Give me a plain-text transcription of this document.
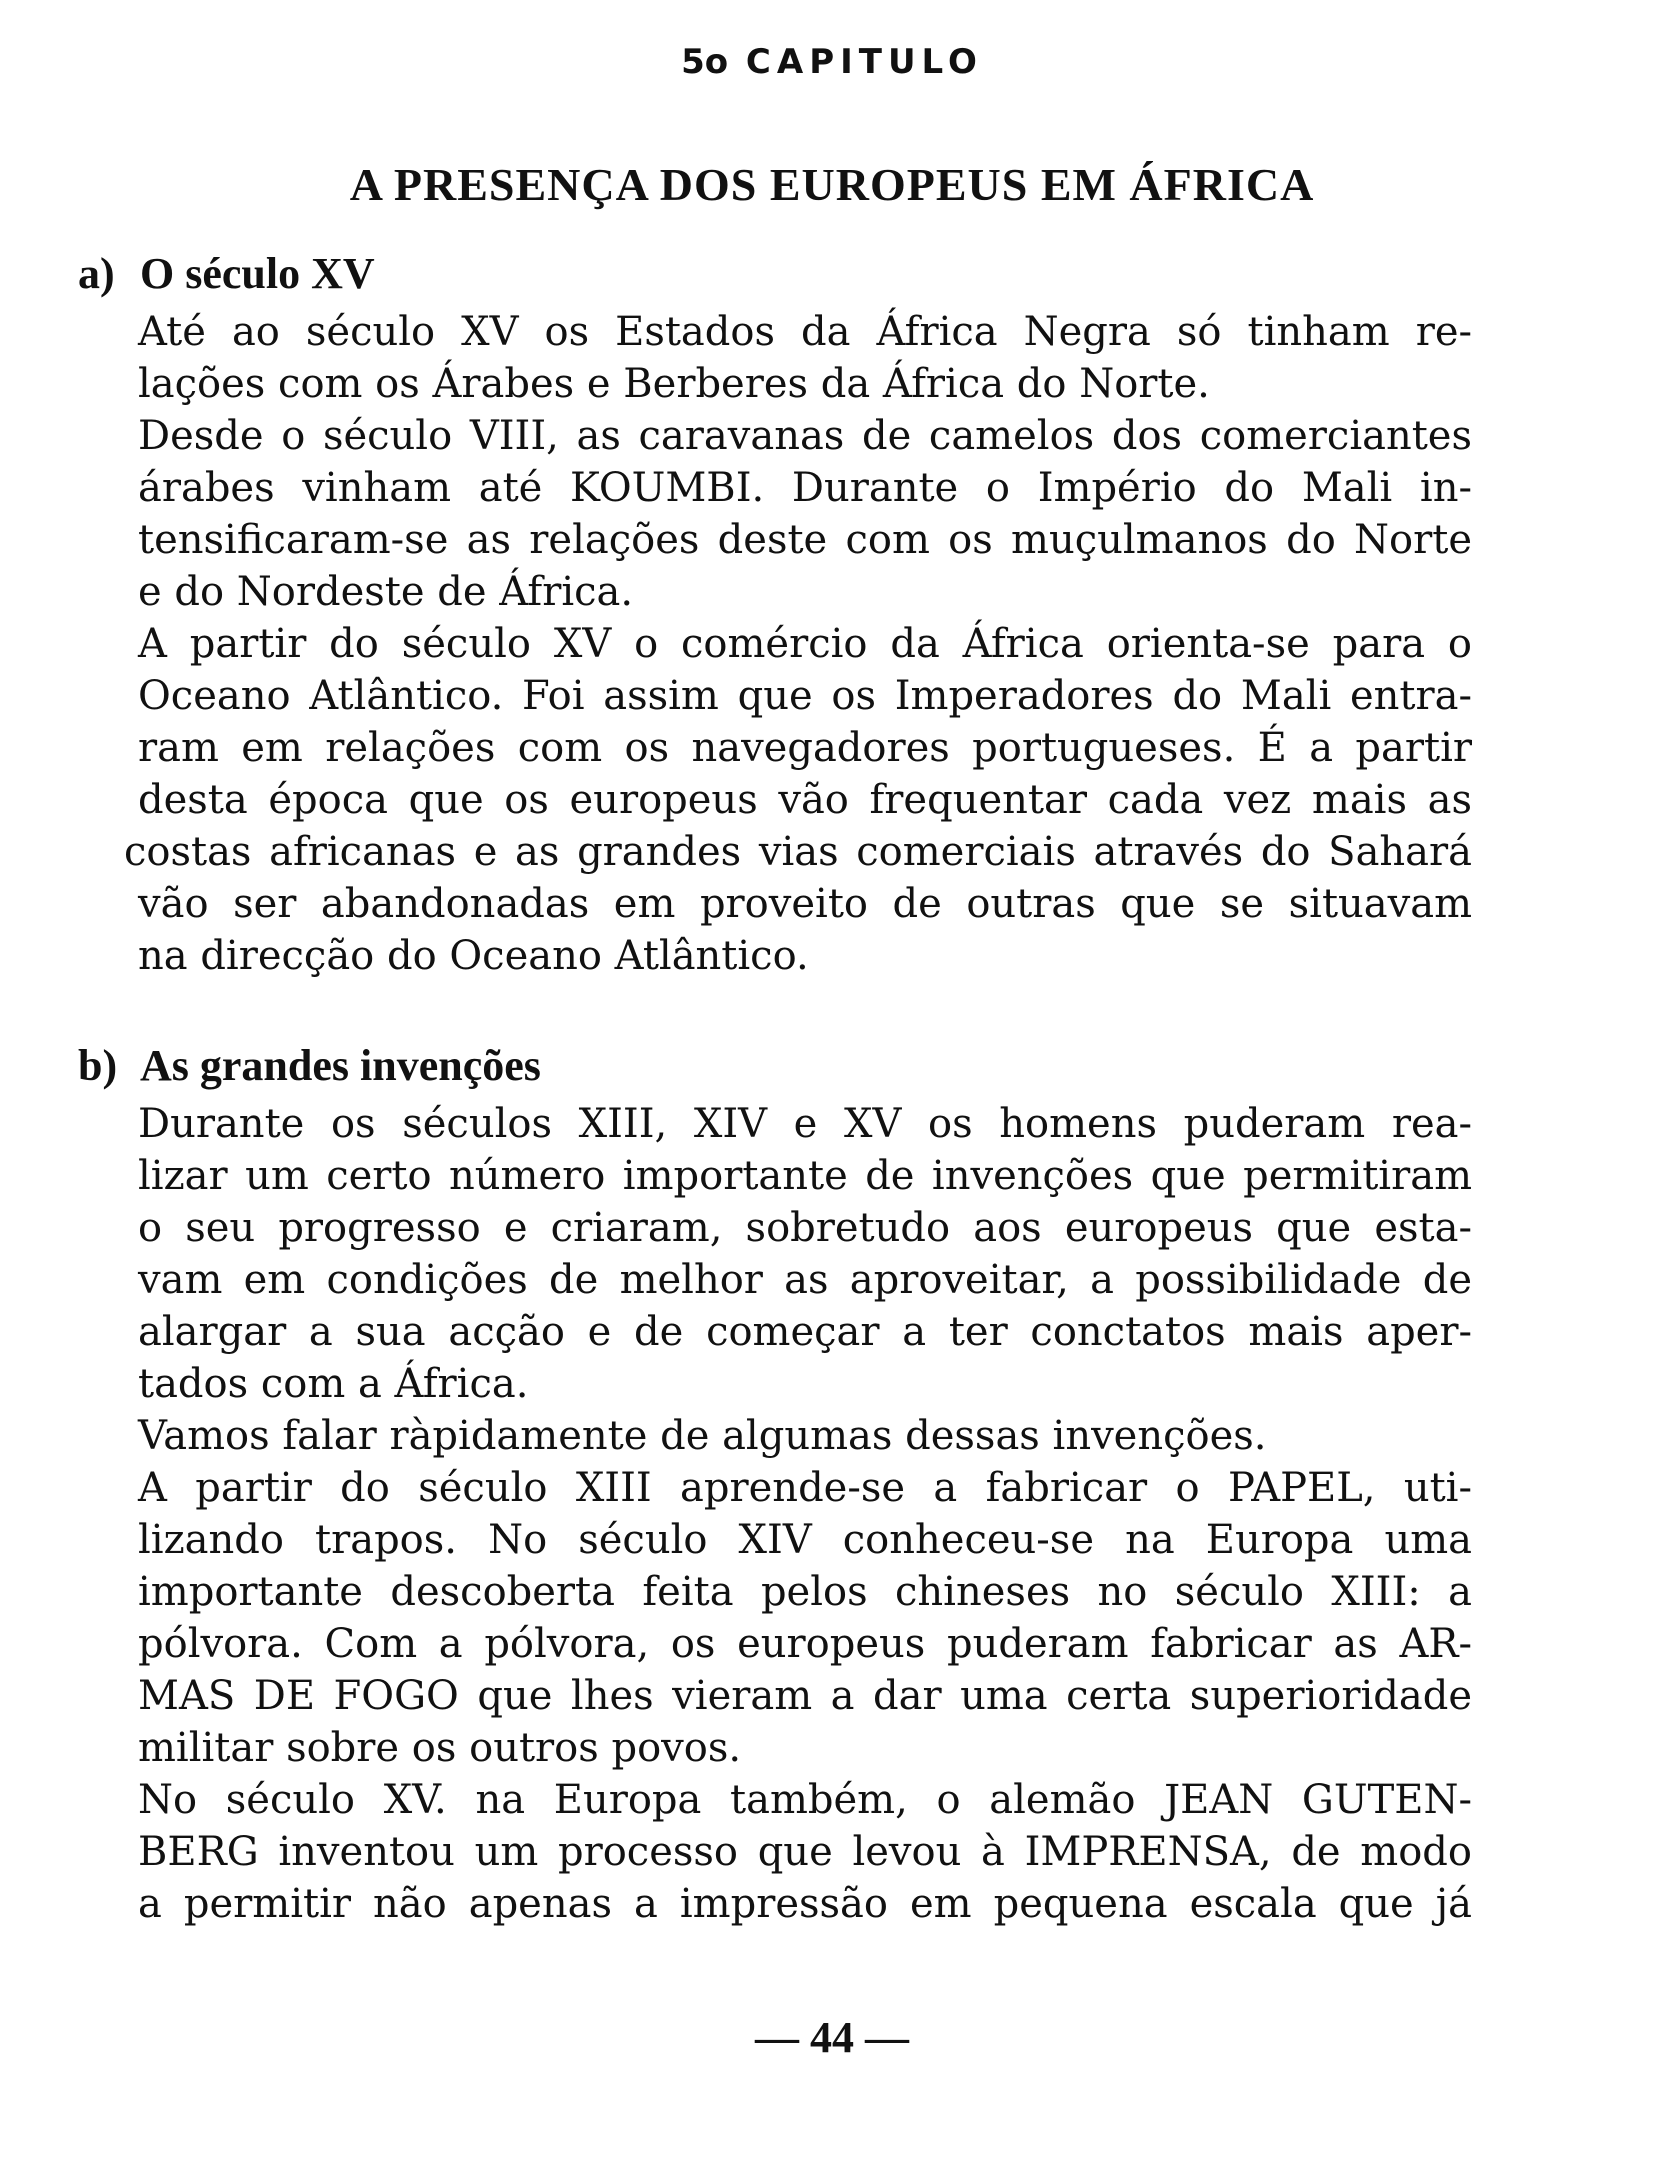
5o CAPITULO
A PRESENÇA DOS EUROPEUS EM ÁFRICA
a) O século XV
Até ao século XV os Estados da África Negra só tinham re-
lações com os Árabes e Berberes da África do Norte.
Desde o século VIII, as caravanas de camelos dos comerciantes
árabes vinham até KOUMBI. Durante o Império do Mali in-
tensificaram-se as relações deste com os muçulmanos do Norte
e do Nordeste de África.
A partir do século XV o comércio da África orienta-se para o
Oceano Atlântico. Foi assim que os Imperadores do Mali entra-
ram em relações com os navegadores portugueses. É a partir
desta época que os europeus vão frequentar cada vez mais as
costas africanas e as grandes vias comerciais através do Sahará
vão ser abandonadas em proveito de outras que se situavam
na direcção do Oceano Atlântico.
b) As grandes invenções
Durante os séculos XIII, XIV e XV os homens puderam rea-
lizar um certo número importante de invenções que permitiram
o seu progresso e criaram, sobretudo aos europeus que esta-
vam em condições de melhor as aproveitar, a possibilidade de
alargar a sua acção e de começar a ter conctatos mais aper-
tados com a África.
Vamos falar ràpidamente de algumas dessas invenções.
A partir do século XIII aprende-se a fabricar o PAPEL, uti-
lizando trapos. No século XIV conheceu-se na Europa uma
importante descoberta feita pelos chineses no século XIII: a
pólvora. Com a pólvora, os europeus puderam fabricar as AR-
MAS DE FOGO que lhes vieram a dar uma certa superioridade
militar sobre os outros povos.
No século XV. na Europa também, o alemão JEAN GUTEN-
BERG inventou um processo que levou à IMPRENSA, de modo
a permitir não apenas a impressão em pequena escala que já
— 44 —
